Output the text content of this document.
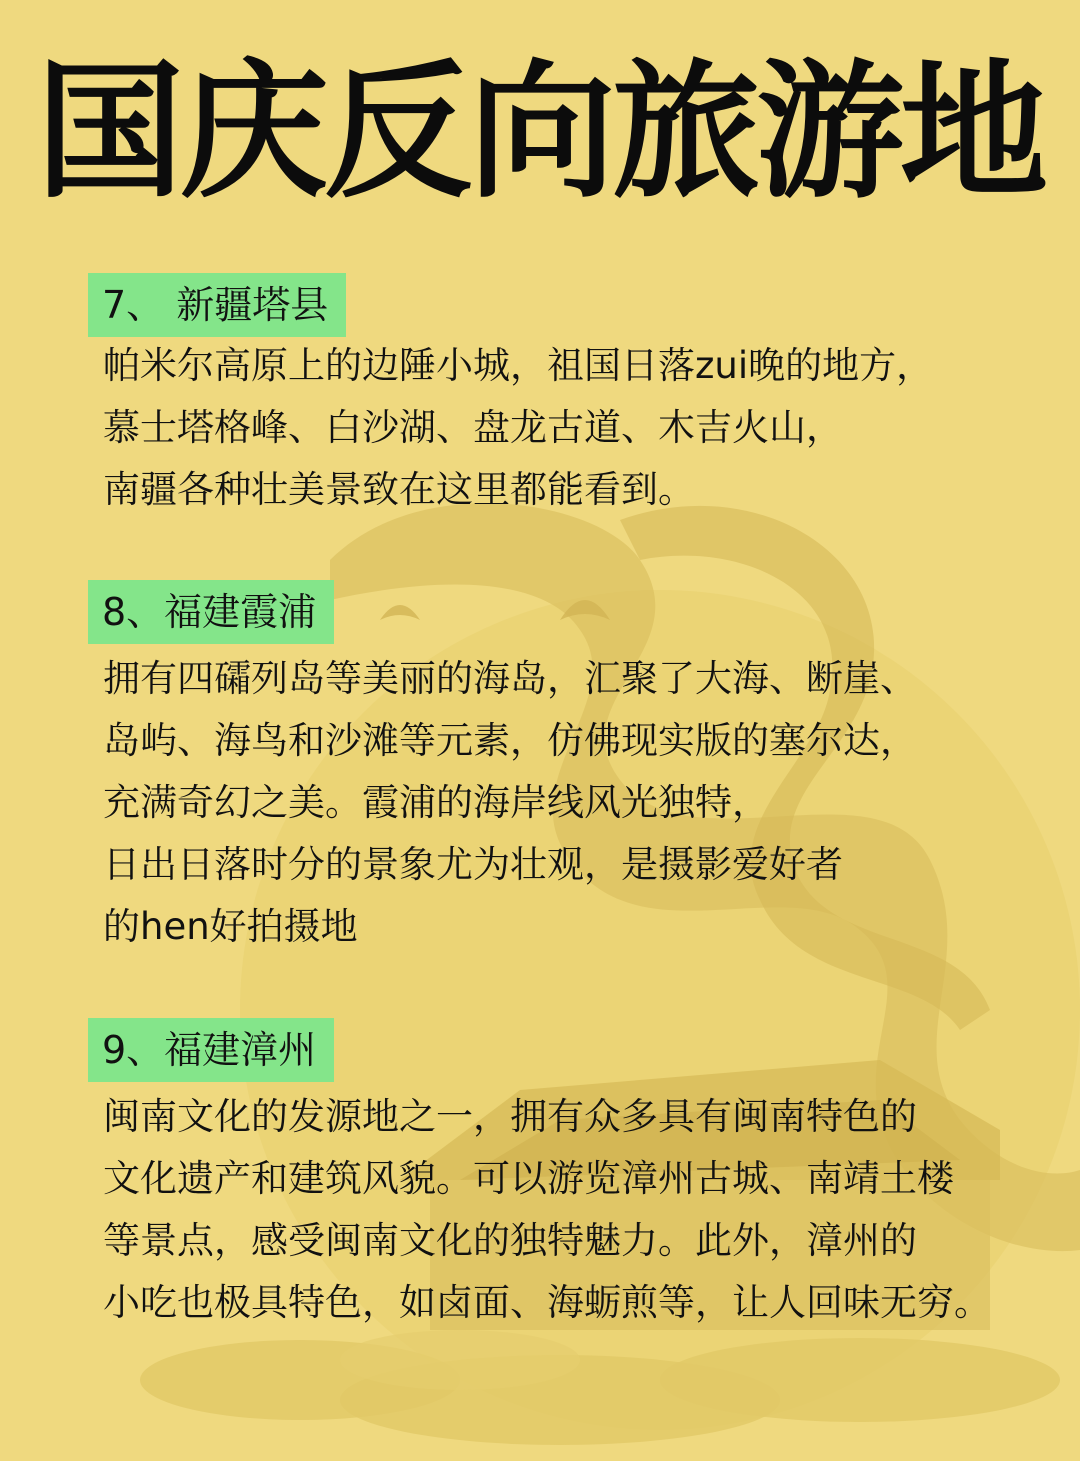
国庆反向旅游地
7、 新疆塔县
帕米尔高原上的边陲小城，祖国日落zui晚的地方，
慕士塔格峰、白沙湖、盘龙古道、木吉火山，
南疆各种壮美景致在这里都能看到。
8、福建霞浦
拥有四礵列岛等美丽的海岛，汇聚了大海、断崖、
岛屿、海鸟和沙滩等元素，仿佛现实版的塞尔达，
充满奇幻之美。霞浦的海岸线风光独特，
日出日落时分的景象尤为壮观，是摄影爱好者
的hen好拍摄地
9、福建漳州
闽南文化的发源地之一，拥有众多具有闽南特色的
文化遗产和建筑风貌。可以游览漳州古城、南靖土楼
等景点，感受闽南文化的独特魅力。此外，漳州的
小吃也极具特色，如卤面、海蛎煎等，让人回味无穷。
